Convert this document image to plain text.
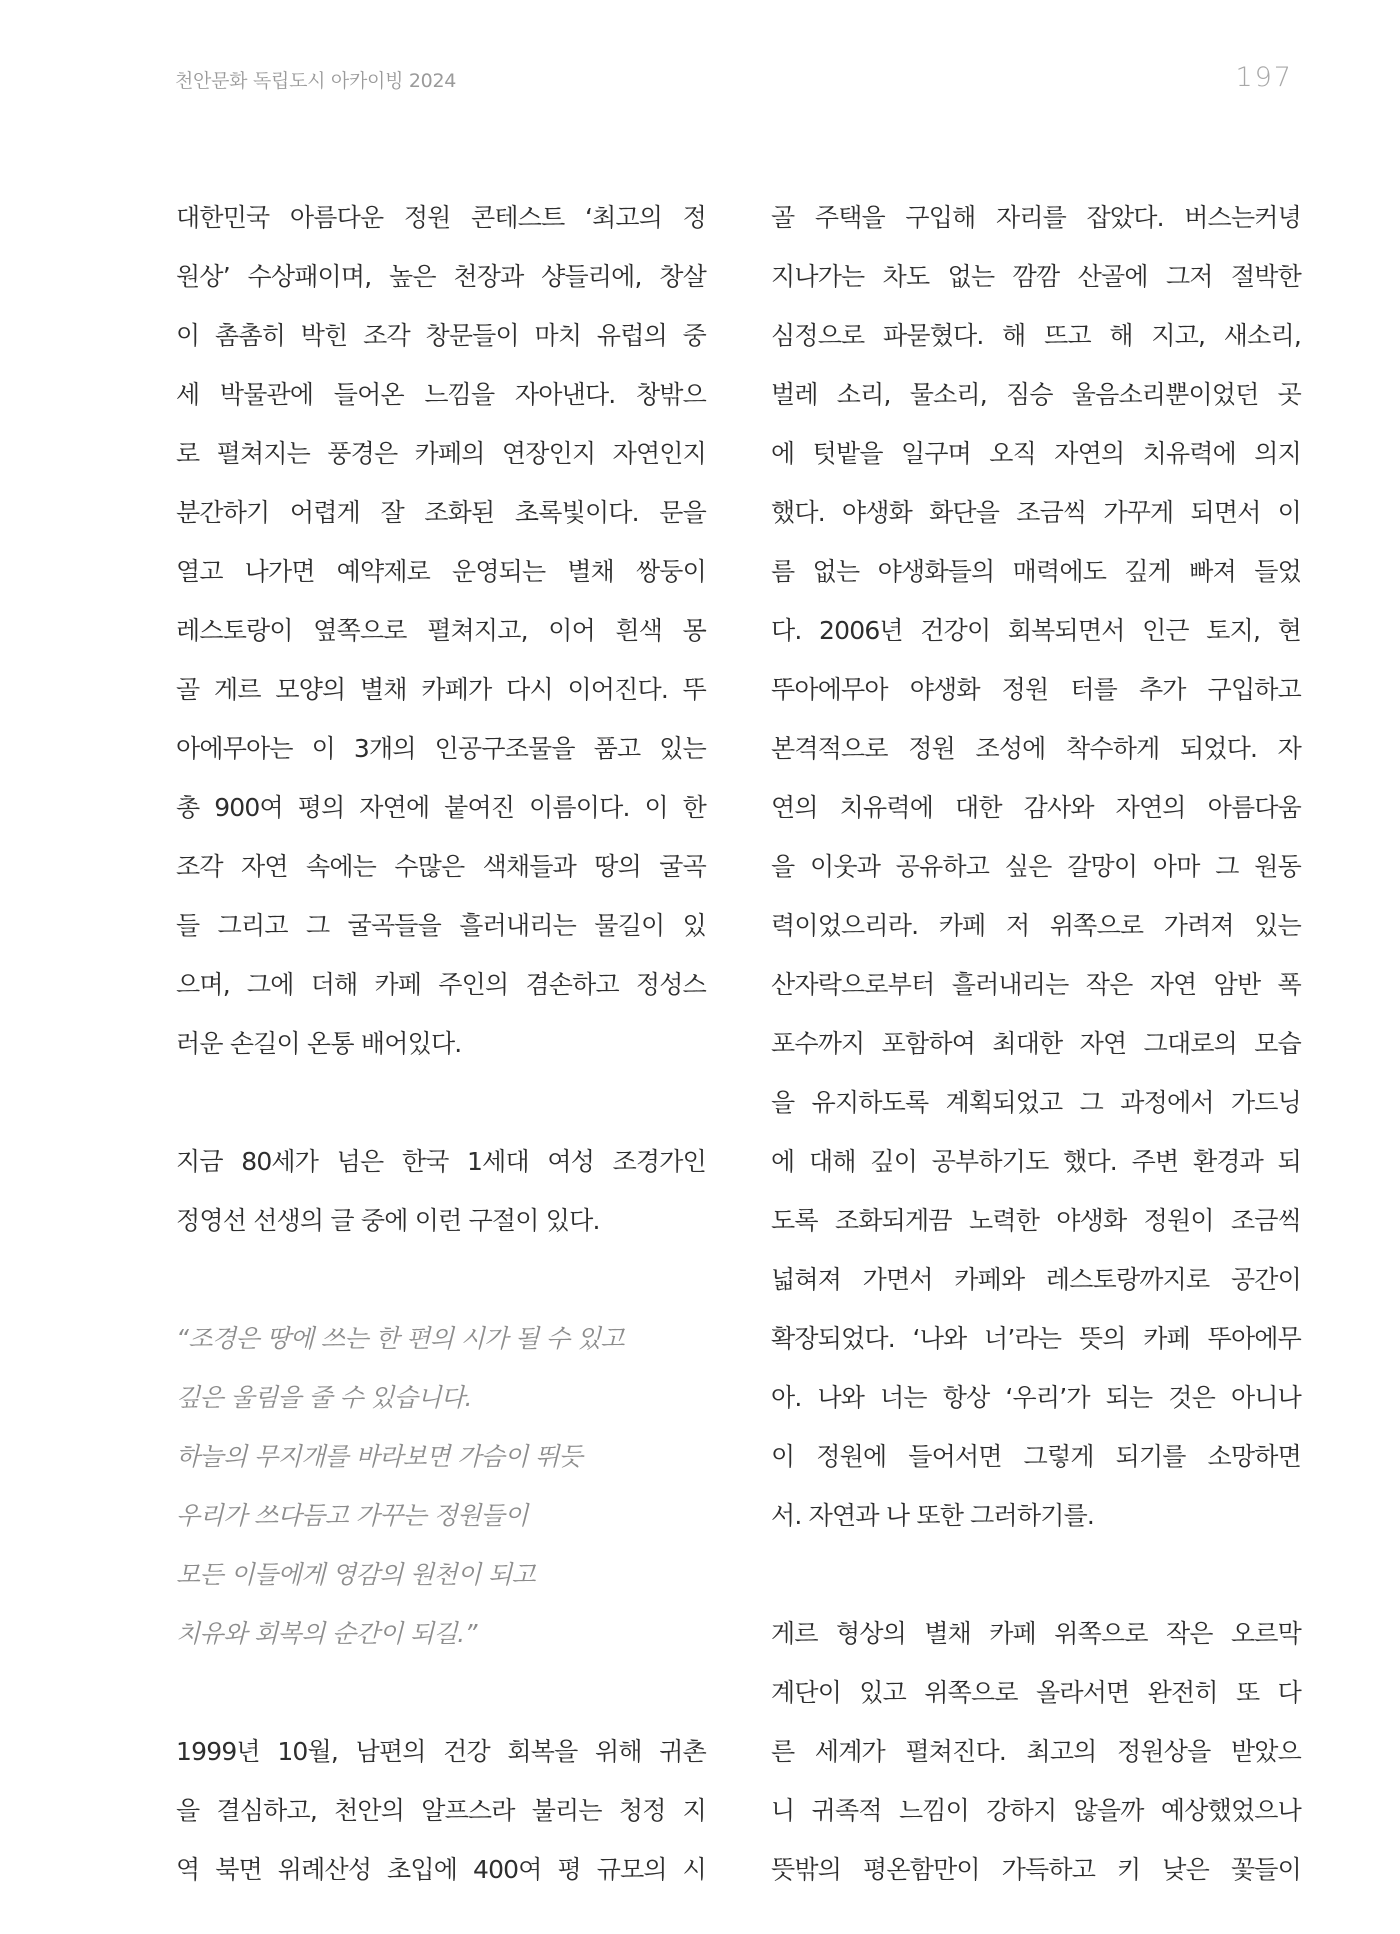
천안문화 독립도시 아카이빙 2024	197
대한민국 아름다운 정원 콘테스트 ‘최고의 정
원상’ 수상패이며, 높은 천장과 샹들리에, 창살
이 촘촘히 박힌 조각 창문들이 마치 유럽의 중
세 박물관에 들어온 느낌을 자아낸다. 창밖으
로 펼쳐지는 풍경은 카페의 연장인지 자연인지
분간하기 어렵게 잘 조화된 초록빛이다. 문을
열고 나가면 예약제로 운영되는 별채 쌍둥이
레스토랑이 옆쪽으로 펼쳐지고, 이어 흰색 몽
골 게르 모양의 별채 카페가 다시 이어진다. 뚜
아에무아는 이 3개의 인공구조물을 품고 있는
총 900여 평의 자연에 붙여진 이름이다. 이 한
조각 자연 속에는 수많은 색채들과 땅의 굴곡
들 그리고 그 굴곡들을 흘러내리는 물길이 있
으며, 그에 더해 카페 주인의 겸손하고 정성스
러운 손길이 온통 배어있다.
지금 80세가 넘은 한국 1세대 여성 조경가인
정영선 선생의 글 중에 이런 구절이 있다.
“조경은 땅에 쓰는 한 편의 시가 될 수 있고
깊은 울림을 줄 수 있습니다.
하늘의 무지개를 바라보면 가슴이 뛰듯
우리가 쓰다듬고 가꾸는 정원들이
모든 이들에게 영감의 원천이 되고
치유와 회복의 순간이 되길.”
1999년 10월, 남편의 건강 회복을 위해 귀촌
을 결심하고, 천안의 알프스라 불리는 청정 지
역 북면 위례산성 초입에 400여 평 규모의 시
골 주택을 구입해 자리를 잡았다. 버스는커녕
지나가는 차도 없는 깜깜 산골에 그저 절박한
심정으로 파묻혔다. 해 뜨고 해 지고, 새소리,
벌레 소리, 물소리, 짐승 울음소리뿐이었던 곳
에 텃밭을 일구며 오직 자연의 치유력에 의지
했다. 야생화 화단을 조금씩 가꾸게 되면서 이
름 없는 야생화들의 매력에도 깊게 빠져 들었
다. 2006년 건강이 회복되면서 인근 토지, 현
뚜아에무아 야생화 정원 터를 추가 구입하고
본격적으로 정원 조성에 착수하게 되었다. 자
연의 치유력에 대한 감사와 자연의 아름다움
을 이웃과 공유하고 싶은 갈망이 아마 그 원동
력이었으리라. 카페 저 위쪽으로 가려져 있는
산자락으로부터 흘러내리는 작은 자연 암반 폭
포수까지 포함하여 최대한 자연 그대로의 모습
을 유지하도록 계획되었고 그 과정에서 가드닝
에 대해 깊이 공부하기도 했다. 주변 환경과 되
도록 조화되게끔 노력한 야생화 정원이 조금씩
넓혀져 가면서 카페와 레스토랑까지로 공간이
확장되었다. ‘나와 너’라는 뜻의 카페 뚜아에무
아. 나와 너는 항상 ‘우리’가 되는 것은 아니나
이 정원에 들어서면 그렇게 되기를 소망하면
서. 자연과 나 또한 그러하기를.
게르 형상의 별채 카페 위쪽으로 작은 오르막
계단이 있고 위쪽으로 올라서면 완전히 또 다
른 세계가 펼쳐진다. 최고의 정원상을 받았으
니 귀족적 느낌이 강하지 않을까 예상했었으나
뜻밖의 평온함만이 가득하고 키 낮은 꽃들이
